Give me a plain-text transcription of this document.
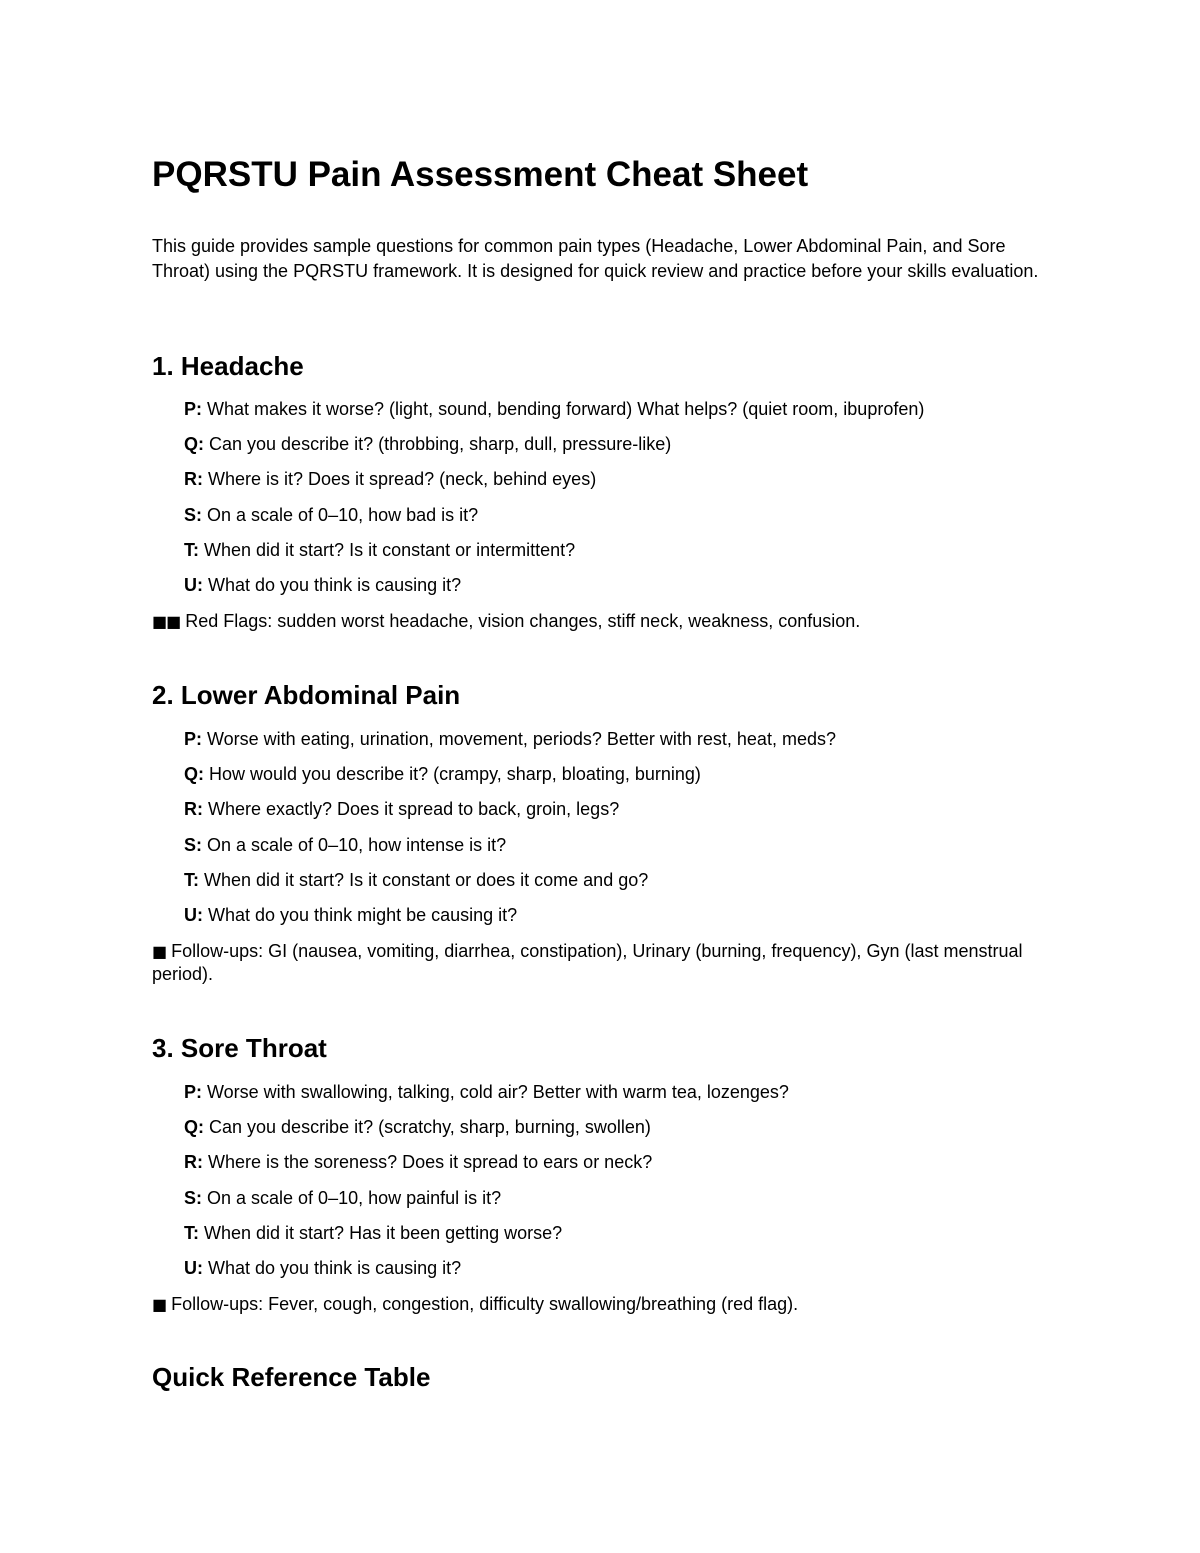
PQRSTU Pain Assessment Cheat Sheet

This guide provides sample questions for common pain types (Headache, Lower Abdominal Pain, and Sore Throat) using the PQRSTU framework. It is designed for quick review and practice before your skills evaluation.

1. Headache
P: What makes it worse? (light, sound, bending forward) What helps? (quiet room, ibuprofen)
Q: Can you describe it? (throbbing, sharp, dull, pressure-like)
R: Where is it? Does it spread? (neck, behind eyes)
S: On a scale of 0–10, how bad is it?
T: When did it start? Is it constant or intermittent?
U: What do you think is causing it?

■■ Red Flags: sudden worst headache, vision changes, stiff neck, weakness, confusion.

2. Lower Abdominal Pain
P: Worse with eating, urination, movement, periods? Better with rest, heat, meds?
Q: How would you describe it? (crampy, sharp, bloating, burning)
R: Where exactly? Does it spread to back, groin, legs?
S: On a scale of 0–10, how intense is it?
T: When did it start? Is it constant or does it come and go?
U: What do you think might be causing it?

■ Follow-ups: GI (nausea, vomiting, diarrhea, constipation), Urinary (burning, frequency), Gyn (last menstrual period).

3. Sore Throat
P: Worse with swallowing, talking, cold air? Better with warm tea, lozenges?
Q: Can you describe it? (scratchy, sharp, burning, swollen)
R: Where is the soreness? Does it spread to ears or neck?
S: On a scale of 0–10, how painful is it?
T: When did it start? Has it been getting worse?
U: What do you think is causing it?

■ Follow-ups: Fever, cough, congestion, difficulty swallowing/breathing (red flag).

Quick Reference Table
